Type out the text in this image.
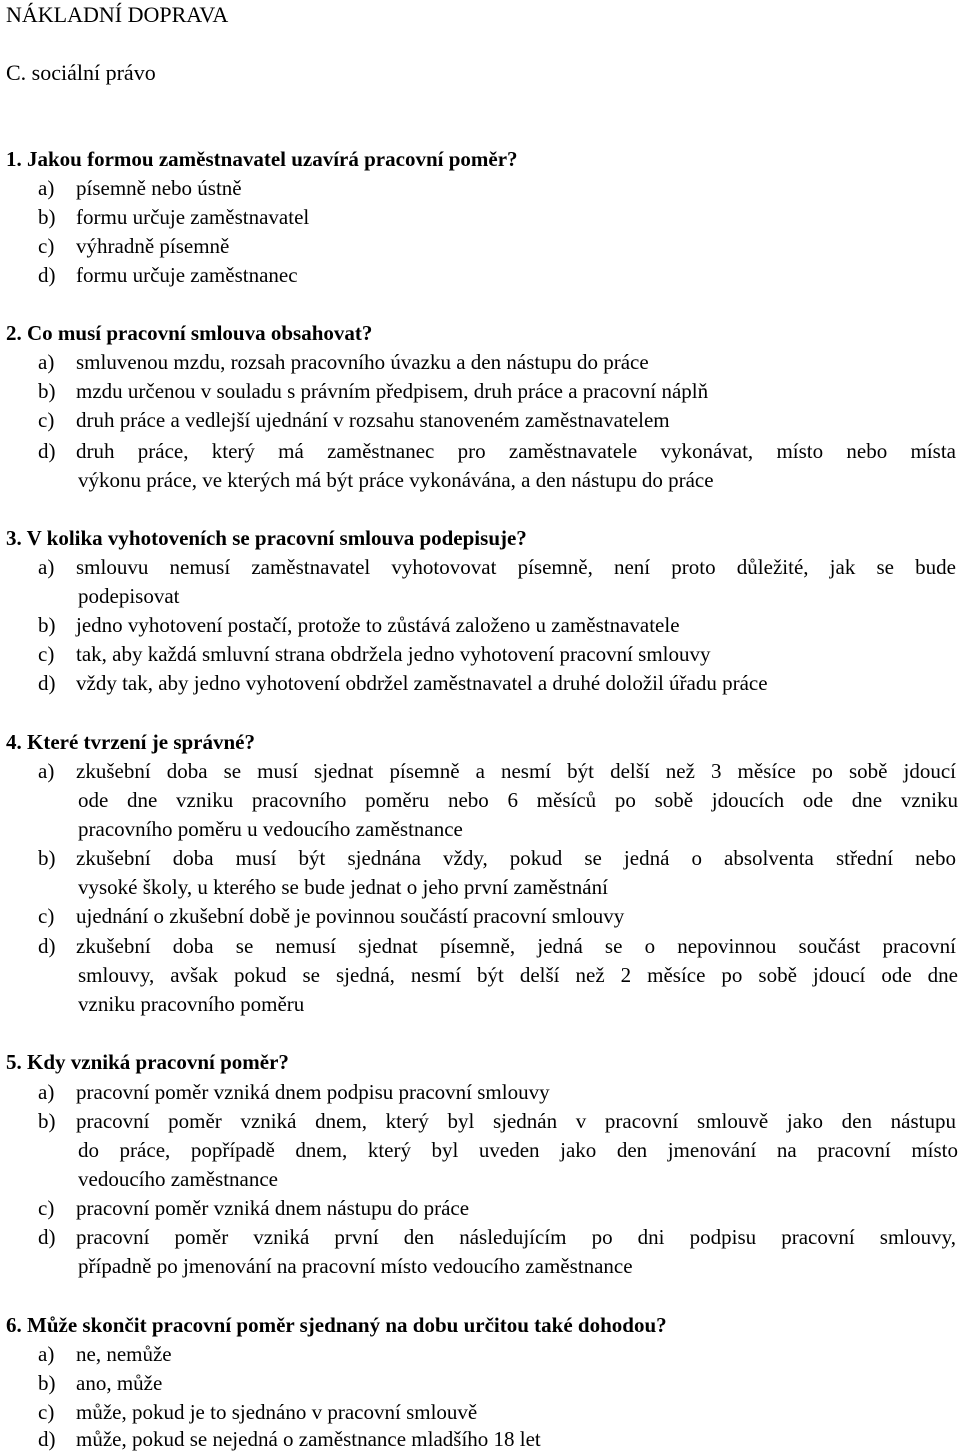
NÁKLADNÍ DOPRAVA
C. sociální právo
1. Jakou formou zaměstnavatel uzavírá pracovní poměr?
a) písemně nebo ústně
b) formu určuje zaměstnavatel
c) výhradně písemně
d) formu určuje zaměstnanec
2. Co musí pracovní smlouva obsahovat?
a) smluvenou mzdu, rozsah pracovního úvazku a den nástupu do práce
b) mzdu určenou v souladu s právním předpisem, druh práce a pracovní náplň
c) druh práce a vedlejší ujednání v rozsahu stanoveném zaměstnavatelem
d) druh práce, který má zaměstnanec pro zaměstnavatele vykonávat, místo nebo místa
výkonu práce, ve kterých má být práce vykonávána, a den nástupu do práce
3. V kolika vyhotoveních se pracovní smlouva podepisuje?
a) smlouvu nemusí zaměstnavatel vyhotovovat písemně, není proto důležité, jak se bude
podepisovat
b) jedno vyhotovení postačí, protože to zůstává založeno u zaměstnavatele
c) tak, aby každá smluvní strana obdržela jedno vyhotovení pracovní smlouvy
d) vždy tak, aby jedno vyhotovení obdržel zaměstnavatel a druhé doložil úřadu práce
4. Které tvrzení je správné?
a) zkušební doba se musí sjednat písemně a nesmí být delší než 3 měsíce po sobě jdoucí
ode dne vzniku pracovního poměru nebo 6 měsíců po sobě jdoucích ode dne vzniku
pracovního poměru u vedoucího zaměstnance
b) zkušební doba musí být sjednána vždy, pokud se jedná o absolventa střední nebo
vysoké školy, u kterého se bude jednat o jeho první zaměstnání
c) ujednání o zkušební době je povinnou součástí pracovní smlouvy
d) zkušební doba se nemusí sjednat písemně, jedná se o nepovinnou součást pracovní
smlouvy, avšak pokud se sjedná, nesmí být delší než 2 měsíce po sobě jdoucí ode dne
vzniku pracovního poměru
5. Kdy vzniká pracovní poměr?
a) pracovní poměr vzniká dnem podpisu pracovní smlouvy
b) pracovní poměr vzniká dnem, který byl sjednán v pracovní smlouvě jako den nástupu
do práce, popřípadě dnem, který byl uveden jako den jmenování na pracovní místo
vedoucího zaměstnance
c) pracovní poměr vzniká dnem nástupu do práce
d) pracovní poměr vzniká první den následujícím po dni podpisu pracovní smlouvy,
případně po jmenování na pracovní místo vedoucího zaměstnance
6. Může skončit pracovní poměr sjednaný na dobu určitou také dohodou?
a) ne, nemůže
b) ano, může
c) může, pokud je to sjednáno v pracovní smlouvě
d) může, pokud se nejedná o zaměstnance mladšího 18 let
